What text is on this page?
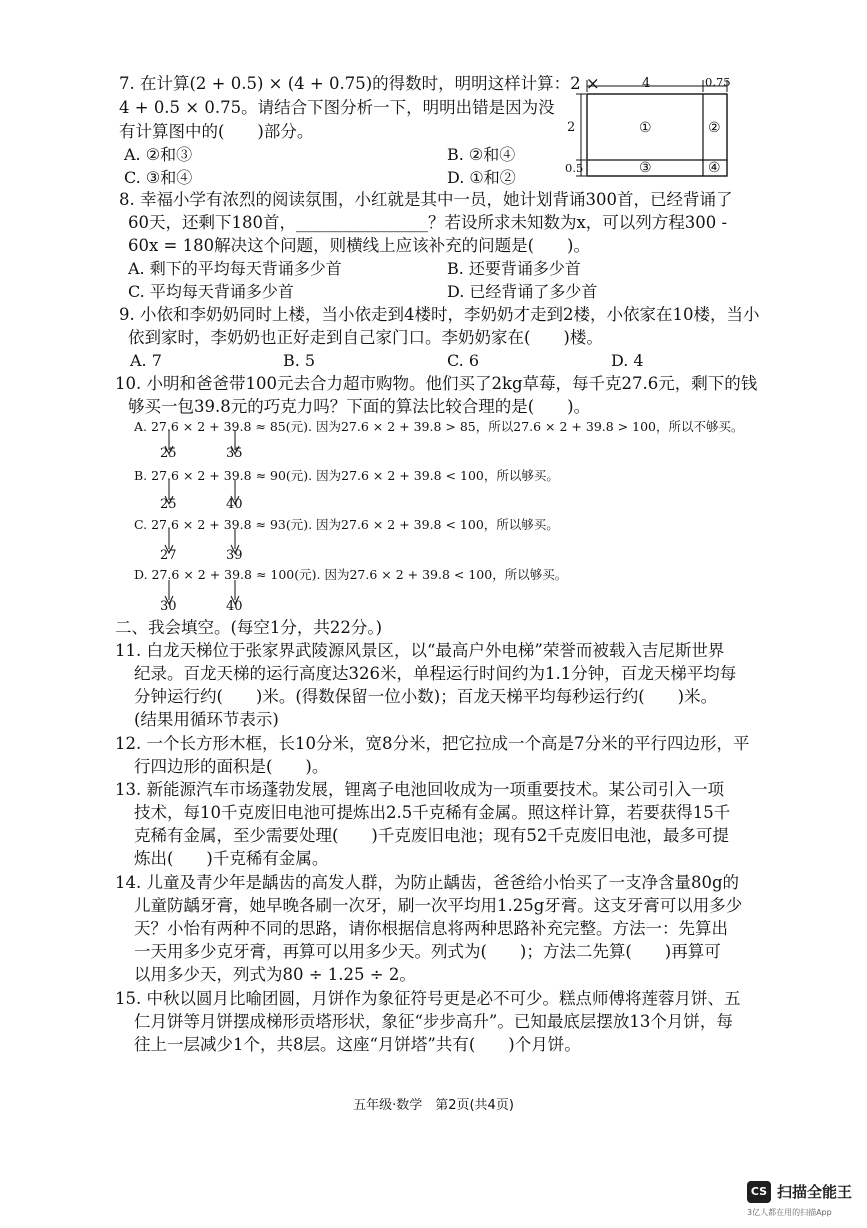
7. 在计算(2 + 0.5) × (4 + 0.75)的得数时，明明这样计算：2 ×
4 + 0.5 × 0.75。请结合下图分析一下，明明出错是因为没
有计算图中的(　　)部分。
A. ②和③	B. ②和④
C. ③和④	D. ①和②
4	0.75
2
0.5
①	②
③	④
8. 幸福小学有浓烈的阅读氛围，小红就是其中一员，她计划背诵300首，已经背诵了
60天，还剩下180首，________________？若设所求未知数为x，可以列方程300 -
60x = 180解决这个问题，则横线上应该补充的问题是(　　)。
A. 剩下的平均每天背诵多少首	B. 还要背诵多少首
C. 平均每天背诵多少首	D. 已经背诵了多少首
9. 小依和李奶奶同时上楼，当小依走到4楼时，李奶奶才走到2楼，小依家在10楼，当小
依到家时，李奶奶也正好走到自己家门口。李奶奶家在(　　)楼。
A. 7	B. 5	C. 6	D. 4
10. 小明和爸爸带100元去合力超市购物。他们买了2kg草莓，每千克27.6元，剩下的钱
够买一包39.8元的巧克力吗？下面的算法比较合理的是(　　)。
A. 27.6 × 2 + 39.8 ≈ 85(元). 因为27.6 × 2 + 39.8 > 85，所以27.6 × 2 + 39.8 > 100，所以不够买。
25	35
B. 27.6 × 2 + 39.8 ≈ 90(元). 因为27.6 × 2 + 39.8 < 100，所以够买。
25	40
C. 27.6 × 2 + 39.8 ≈ 93(元). 因为27.6 × 2 + 39.8 < 100，所以够买。
27	39
D. 27.6 × 2 + 39.8 ≈ 100(元). 因为27.6 × 2 + 39.8 < 100，所以够买。
30	40
二、我会填空。(每空1分，共22分。)
11. 白龙天梯位于张家界武陵源风景区，以“最高户外电梯”荣誉而被载入吉尼斯世界
纪录。百龙天梯的运行高度达326米，单程运行时间约为1.1分钟，百龙天梯平均每
分钟运行约(　　)米。(得数保留一位小数)；百龙天梯平均每秒运行约(　　)米。
(结果用循环节表示)
12. 一个长方形木框，长10分米，宽8分米，把它拉成一个高是7分米的平行四边形，平
行四边形的面积是(　　)。
13. 新能源汽车市场蓬勃发展，锂离子电池回收成为一项重要技术。某公司引入一项
技术，每10千克废旧电池可提炼出2.5千克稀有金属。照这样计算，若要获得15千
克稀有金属，至少需要处理(　　)千克废旧电池；现有52千克废旧电池，最多可提
炼出(　　)千克稀有金属。
14. 儿童及青少年是龋齿的高发人群，为防止龋齿，爸爸给小怡买了一支净含量80g的
儿童防龋牙膏，她早晚各刷一次牙，刷一次平均用1.25g牙膏。这支牙膏可以用多少
天？小怡有两种不同的思路，请你根据信息将两种思路补充完整。方法一：先算出
一天用多少克牙膏，再算可以用多少天。列式为(　　)；方法二先算(　　)再算可
以用多少天，列式为80 ÷ 1.25 ÷ 2。
15. 中秋以圆月比喻团圆，月饼作为象征符号更是必不可少。糕点师傅将莲蓉月饼、五
仁月饼等月饼摆成梯形贡塔形状，象征“步步高升”。已知最底层摆放13个月饼，每
往上一层减少1个，共8层。这座“月饼塔”共有(　　)个月饼。
五年级·数学　第2页(共4页)
CS 扫描全能王
3亿人都在用的扫描App
